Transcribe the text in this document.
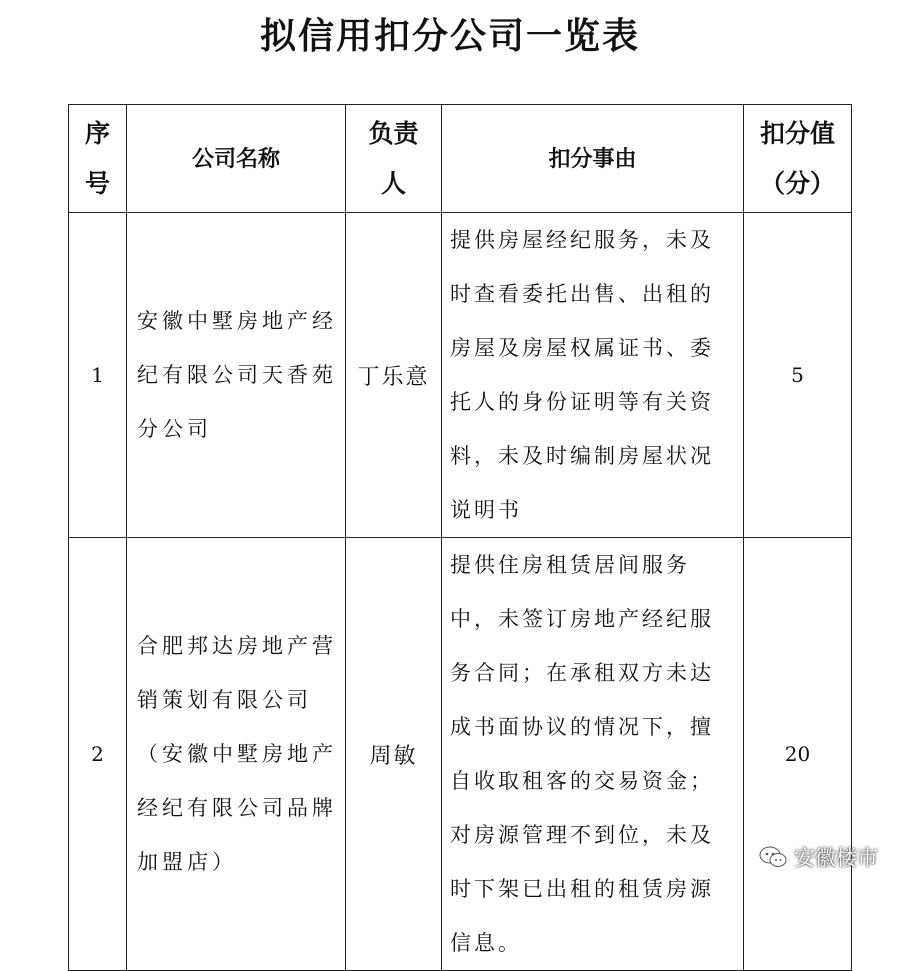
拟信用扣分公司一览表
序号	公司名称	负责人	扣分事由	扣分值（分）

1	安徽中墅房地产经纪有限公司天香苑分公司	丁乐意	提供房屋经纪服务，未及时查看委托出售、出租的房屋及房屋权属证书、委托人的身份证明等有关资料，未及时编制房屋状况说明书	5
2	合肥邦达房地产营销策划有限公司（安徽中墅房地产经纪有限公司品牌加盟店）	周敏	提供住房租赁居间服务中，未签订房地产经纪服务合同；在承租双方未达成书面协议的情况下，擅自收取租客的交易资金；对房源管理不到位，未及时下架已出租的租赁房源信息。	20
安徽楼市
